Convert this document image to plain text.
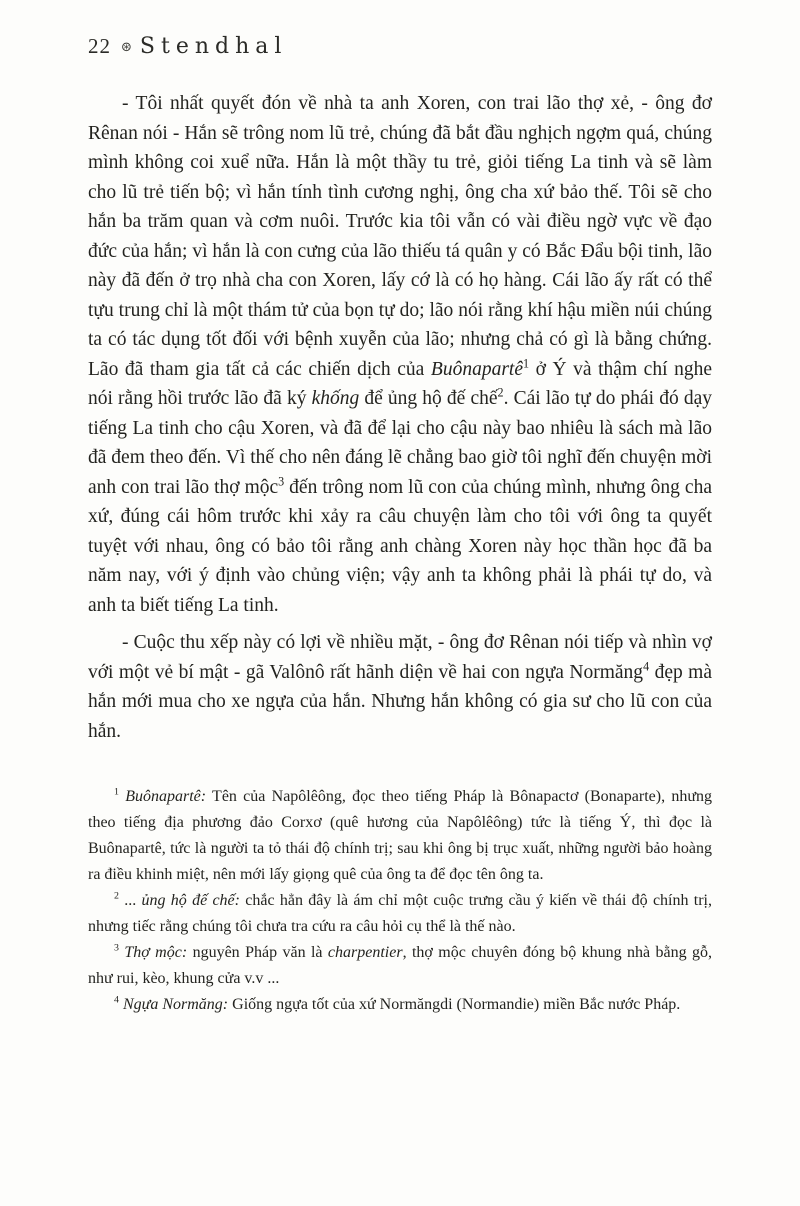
22 ⊛ Stendhal

- Tôi nhất quyết đón về nhà ta anh Xoren, con trai lão thợ xẻ, - ông đơ Rênan nói - Hắn sẽ trông nom lũ trẻ, chúng đã bắt đầu nghịch ngợm quá, chúng mình không coi xuể nữa. Hắn là một thầy tu trẻ, giỏi tiếng La tinh và sẽ làm cho lũ trẻ tiến bộ; vì hắn tính tình cương nghị, ông cha xứ bảo thế. Tôi sẽ cho hắn ba trăm quan và cơm nuôi. Trước kia tôi vẫn có vài điều ngờ vực về đạo đức của hắn; vì hắn là con cưng của lão thiếu tá quân y có Bắc Đẩu bội tinh, lão này đã đến ở trọ nhà cha con Xoren, lấy cớ là có họ hàng. Cái lão ấy rất có thể tựu trung chỉ là một thám tử của bọn tự do; lão nói rằng khí hậu miền núi chúng ta có tác dụng tốt đối với bệnh xuyễn của lão; nhưng chả có gì là bằng chứng. Lão đã tham gia tất cả các chiến dịch của Buônapartê$^1$ ở Ý và thậm chí nghe nói rằng hồi trước lão đã ký khống để ủng hộ đế chế$^2$. Cái lão tự do phái đó dạy tiếng La tinh cho cậu Xoren, và đã để lại cho cậu này bao nhiêu là sách mà lão đã đem theo đến. Vì thế cho nên đáng lẽ chẳng bao giờ tôi nghĩ đến chuyện mời anh con trai lão thợ mộc$^3$ đến trông nom lũ con của chúng mình, nhưng ông cha xứ, đúng cái hôm trước khi xảy ra câu chuyện làm cho tôi với ông ta quyết tuyệt với nhau, ông có bảo tôi rằng anh chàng Xoren này học thần học đã ba năm nay, với ý định vào chủng viện; vậy anh ta không phải là phái tự do, và anh ta biết tiếng La tinh.

- Cuộc thu xếp này có lợi về nhiều mặt, - ông đơ Rênan nói tiếp và nhìn vợ với một vẻ bí mật - gã Valônô rất hãnh diện về hai con ngựa Normăng$^4$ đẹp mà hắn mới mua cho xe ngựa của hắn. Nhưng hắn không có gia sư cho lũ con của hắn.

$^1$ Buônapartê: Tên của Napôlêông, đọc theo tiếng Pháp là Bônapactơ (Bonaparte), nhưng theo tiếng địa phương đảo Corxơ (quê hương của Napôlêông) tức là tiếng Ý, thì đọc là Buônapartê, tức là người ta tỏ thái độ chính trị; sau khi ông bị trục xuất, những người bảo hoàng ra điều khinh miệt, nên mới lấy giọng quê của ông ta để đọc tên ông ta.

$^2$ ... ủng hộ đế chế: chắc hẳn đây là ám chỉ một cuộc trưng cầu ý kiến về thái độ chính trị, nhưng tiếc rằng chúng tôi chưa tra cứu ra câu hỏi cụ thể là thế nào.

$^3$ Thợ mộc: nguyên Pháp văn là charpentier, thợ mộc chuyên đóng bộ khung nhà bằng gỗ, như rui, kèo, khung cửa v.v ...

$^4$ Ngựa Normăng: Giống ngựa tốt của xứ Normăngdi (Normandie) miền Bắc nước Pháp.
